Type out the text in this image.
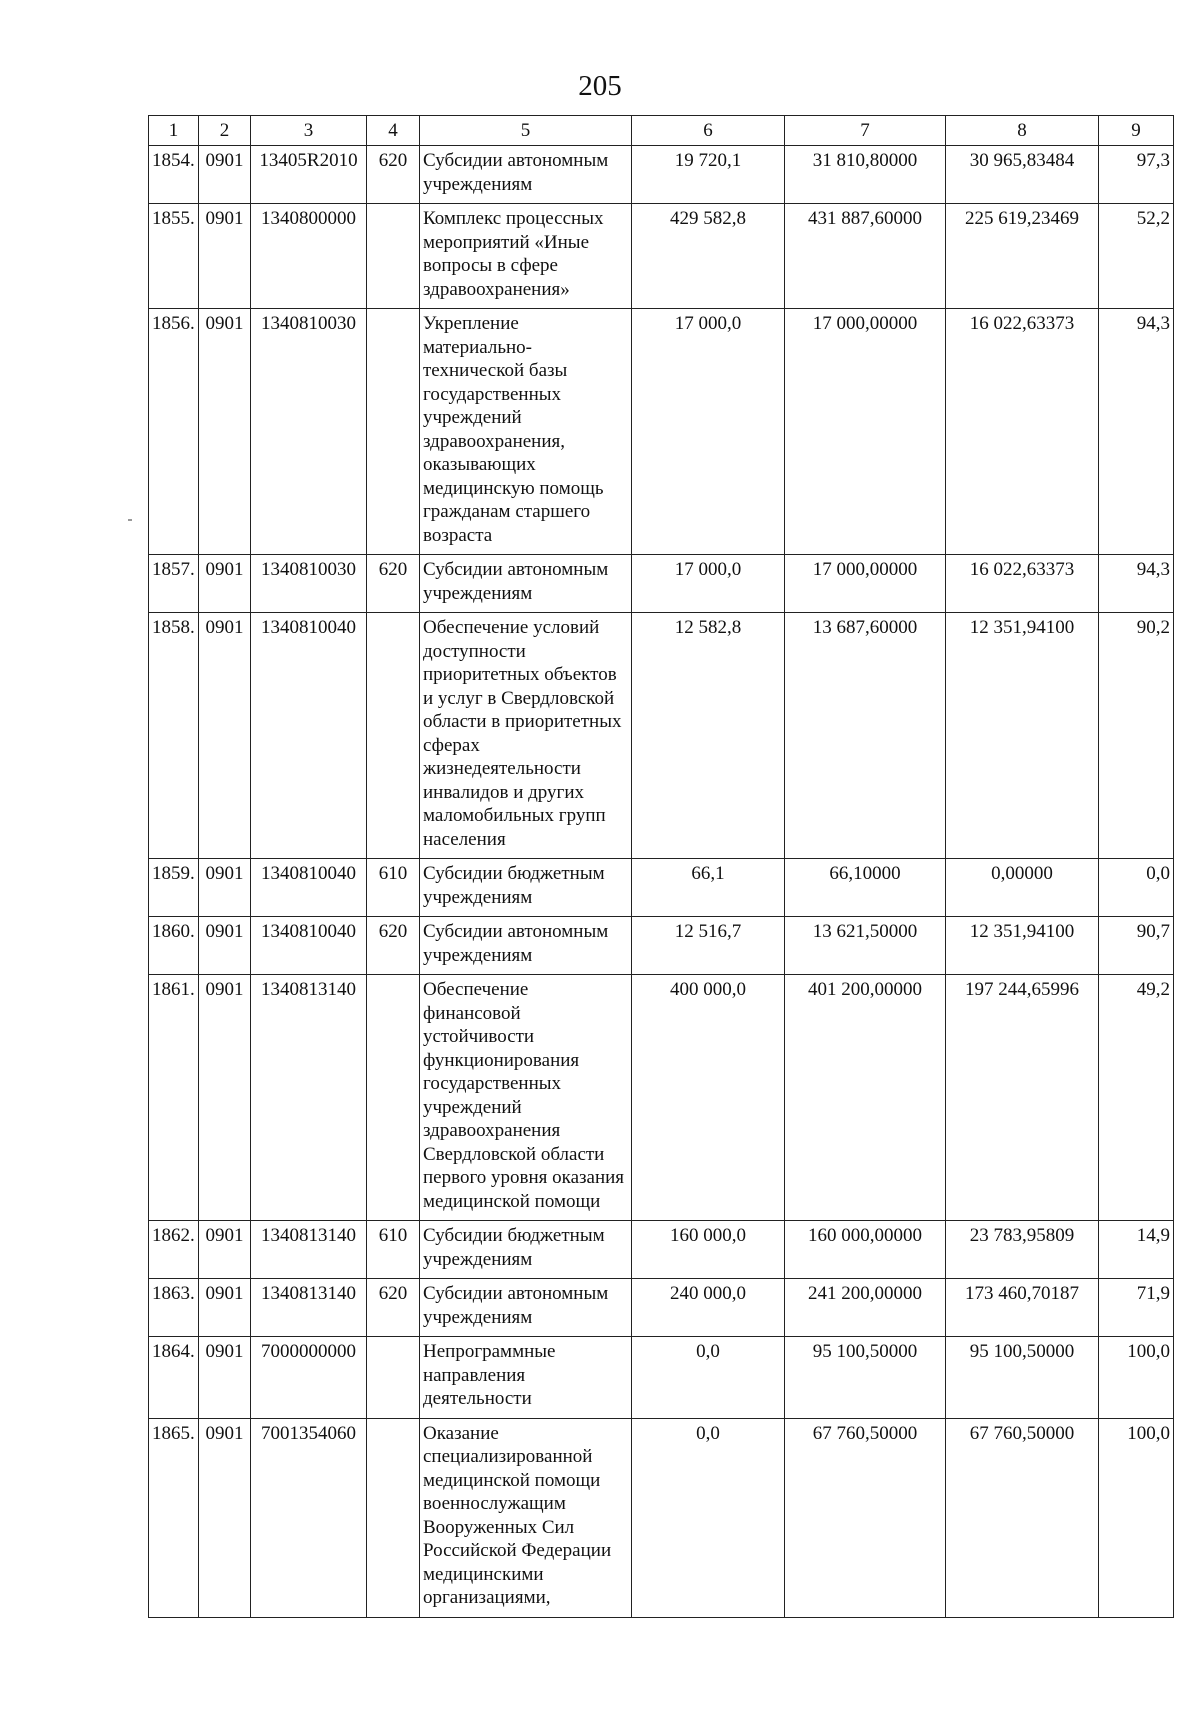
205
1	2	3	4	5	6	7	8	9
1854.	0901	13405R2010	620	Субсидии автономным учреждениям	19 720,1	31 810,80000	30 965,83484	97,3
1855.	0901	1340800000		Комплекс процессных мероприятий «Иные вопросы в сфере здравоохранения»	429 582,8	431 887,60000	225 619,23469	52,2
1856.	0901	1340810030		Укрепление материально-технической базы государственных учреждений здравоохранения, оказывающих медицинскую помощь гражданам старшего возраста	17 000,0	17 000,00000	16 022,63373	94,3
1857.	0901	1340810030	620	Субсидии автономным учреждениям	17 000,0	17 000,00000	16 022,63373	94,3
1858.	0901	1340810040		Обеспечение условий доступности приоритетных объектов и услуг в Свердловской области в приоритетных сферах жизнедеятельности инвалидов и других маломобильных групп населения	12 582,8	13 687,60000	12 351,94100	90,2
1859.	0901	1340810040	610	Субсидии бюджетным учреждениям	66,1	66,10000	0,00000	0,0
1860.	0901	1340810040	620	Субсидии автономным учреждениям	12 516,7	13 621,50000	12 351,94100	90,7
1861.	0901	1340813140		Обеспечение финансовой устойчивости функционирования государственных учреждений здравоохранения Свердловской области первого уровня оказания медицинской помощи	400 000,0	401 200,00000	197 244,65996	49,2
1862.	0901	1340813140	610	Субсидии бюджетным учреждениям	160 000,0	160 000,00000	23 783,95809	14,9
1863.	0901	1340813140	620	Субсидии автономным учреждениям	240 000,0	241 200,00000	173 460,70187	71,9
1864.	0901	7000000000		Непрограммные направления деятельности	0,0	95 100,50000	95 100,50000	100,0
1865.	0901	7001354060		Оказание специализированной медицинской помощи военнослужащим Вооруженных Сил Российской Федерации медицинскими организациями,	0,0	67 760,50000	67 760,50000	100,0
